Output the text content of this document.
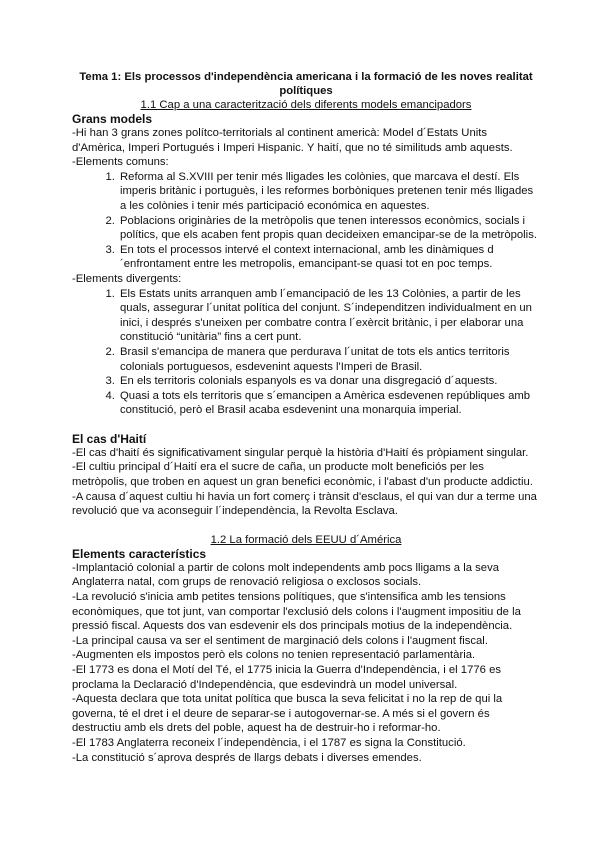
Tema 1: Els processos d'independència americana i la formació de les noves realitat polítiques

1.1 Cap a una caracterització dels diferents models emancipadors

Grans models

-Hi han 3 grans zones polítco-territorials al continent americà: Model d´Estats Units d'Amèrica, Imperi Portugués i Imperi Hispanic. Y haití, que no té similituds amb aquests.

-Elements comuns:

1. Reforma al S.XVIII per tenir més lligades les colònies, que marcava el destí. Els imperis britànic i portuguès, i les reformes borbòniques pretenen tenir més lligades a les colònies i tenir més participació económica en aquestes.
2. Poblacions originàries de la metròpolis que tenen interessos econòmics, socials i polítics, que els acaben fent propis quan decideixen emancipar-se de la metròpolis.
3. En tots el processos intervé el context internacional, amb les dinàmiques d´enfrontament entre les metropolis, emancipant-se quasi tot en poc temps.

-Elements divergents:

1. Els Estats units arranquen amb l´emancipació de les 13 Colònies, a partir de les quals, assegurar l´unitat política del conjunt. S´independitzen individualment en un inici, i després s'uneixen per combatre contra l´exèrcit britànic, i per elaborar una constitució “unitària” fins a cert punt.
2. Brasil s'emancipa de manera que perdurava l´unitat de tots els antics territoris colonials portuguesos, esdevenint aquests l'Imperi de Brasil.
3. En els territoris colonials espanyols es va donar una disgregació d´aquests.
4. Quasi a tots els territoris que s´emancipen a Amèrica esdevenen repúbliques amb constitució, però el Brasil acaba esdevenint una monarquia imperial.

El cas d'Haití

-El cas d'haití és significativament singular perquè la història d'Haití és pròpiament singular.

-El cultiu principal d´Haití era el sucre de caña, un producte molt beneficiós per les metròpolis, que troben en aquest un gran benefici econòmic, i l'abast d'un producte addictiu.

-A causa d´aquest cultiu hi havia un fort comerç i trànsit d'esclaus, el qui van dur a terme una revolució que va aconseguir l´independència, la Revolta Esclava.

1.2 La formació dels EEUU d´América

Elements característics

-Implantació colonial a partir de colons molt independents amb pocs lligams a la seva Anglaterra natal, com grups de renovació religiosa o exclosos socials.

-La revolució s'inicia amb petites tensions polítiques, que s'intensifica amb les tensions econòmiques, que tot junt, van comportar l'exclusió dels colons i l'augment impositiu de la pressió fiscal. Aquests dos van esdevenir els dos principals motius de la independència.

-La principal causa va ser el sentiment de marginació dels colons i l'augment fiscal.

-Augmenten els impostos però els colons no tenien representació parlamentària.

-El 1773 es dona el Motí del Té, el 1775 inicia la Guerra d'Independència, i el 1776 es proclama la Declaració d'Independència, que esdevindrà un model universal.

-Aquesta declara que tota unitat política que busca la seva felicitat i no la rep de qui la governa, té el dret i el deure de separar-se i autogovernar-se. A més si el govern és destructiu amb els drets del poble, aquest ha de destruir-ho i reformar-ho.

-El 1783 Anglaterra reconeix l´independència, i el 1787 es signa la Constitució.

-La constitució s´aprova després de llargs debats i diverses emendes.
